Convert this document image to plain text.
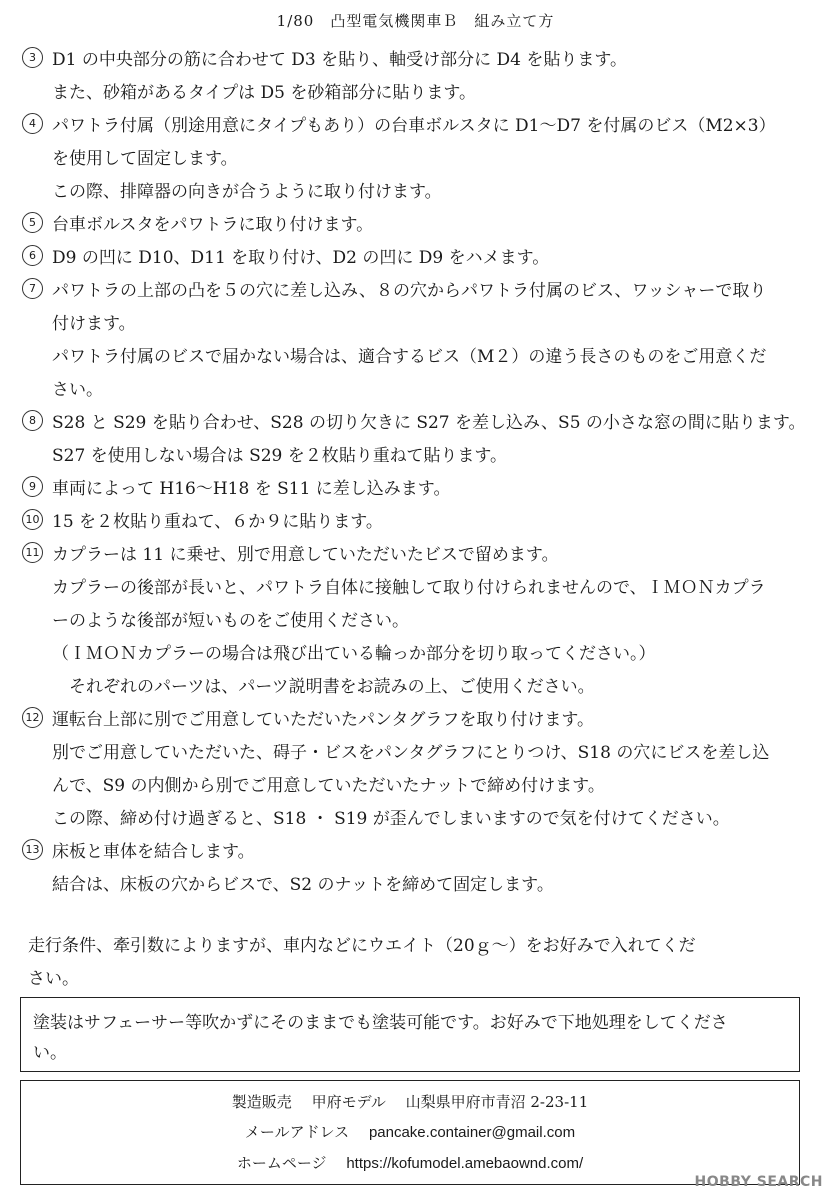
1/80　凸型電気機関車Ｂ　組み立て方
3 D1 の中央部分の筋に合わせて D3 を貼り、軸受け部分に D4 を貼ります。
また、砂箱があるタイプは D5 を砂箱部分に貼ります。
4 パワトラ付属（別途用意にタイプもあり）の台車ボルスタに D1～D7 を付属のビス（M2×3）
を使用して固定します。
この際、排障器の向きが合うように取り付けます。
5 台車ボルスタをパワトラに取り付けます。
6 D9 の凹に D10、D11 を取り付け、D2 の凹に D9 をハメます。
7 パワトラの上部の凸を５の穴に差し込み、８の穴からパワトラ付属のビス、ワッシャーで取り
付けます。
パワトラ付属のビスで届かない場合は、適合するビス（M２）の違う長さのものをご用意くだ
さい。
8 S28 と S29 を貼り合わせ、S28 の切り欠きに S27 を差し込み、S5 の小さな窓の間に貼ります。
S27 を使用しない場合は S29 を２枚貼り重ねて貼ります。
9 車両によって H16～H18 を S11 に差し込みます。
10 15 を２枚貼り重ねて、６か９に貼ります。
11 カプラーは 11 に乗せ、別で用意していただいたビスで留めます。
カプラーの後部が長いと、パワトラ自体に接触して取り付けられませんので、ＩＭＯＮカプラ
ーのような後部が短いものをご使用ください。
（ＩＭＯＮカプラーの場合は飛び出ている輪っか部分を切り取ってください。）
　それぞれのパーツは、パーツ説明書をお読みの上、ご使用ください。
12 運転台上部に別でご用意していただいたパンタグラフを取り付けます。
別でご用意していただいた、碍子・ビスをパンタグラフにとりつけ、S18 の穴にビスを差し込
んで、S9 の内側から別でご用意していただいたナットで締め付けます。
この際、締め付け過ぎると、S18 ・ S19 が歪んでしまいますので気を付けてください。
13 床板と車体を結合します。
結合は、床板の穴からビスで、S2 のナットを締めて固定します。
走行条件、牽引数によりますが、車内などにウエイト（20ｇ～）をお好みで入れてくだ
さい。
塗装はサフェーサー等吹かずにそのままでも塗装可能です。お好みで下地処理をしてくださ
い。
製造販売　 甲府モデル　 山梨県甲府市青沼 2-23-11
メールアドレス　 pancake.container@gmail.com
ホームページ　 https://kofumodel.amebaownd.com/
HOBBY SEARCH
